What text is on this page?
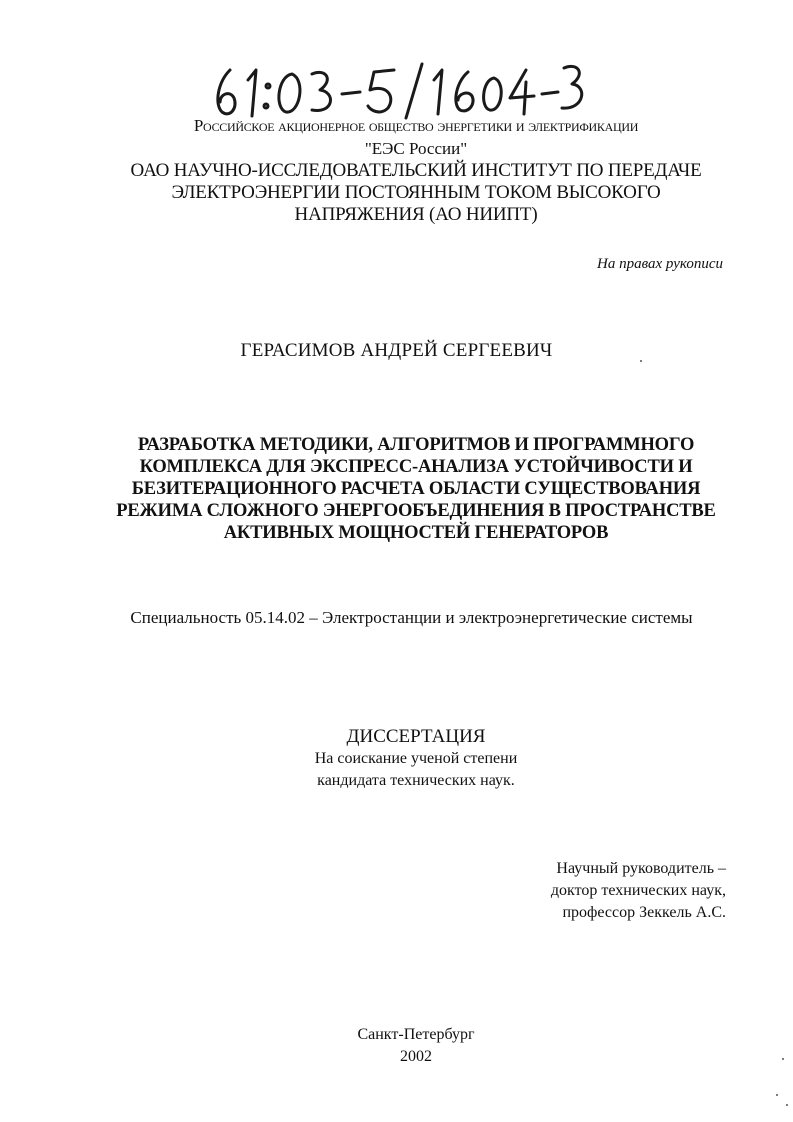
Российское акционерное общество энергетики и электрификации
"ЕЭС России"
ОАО НАУЧНО-ИССЛЕДОВАТЕЛЬСКИЙ ИНСТИТУТ ПО ПЕРЕДАЧЕ
ЭЛЕКТРОЭНЕРГИИ ПОСТОЯННЫМ ТОКОМ ВЫСОКОГО
НАПРЯЖЕНИЯ (АО НИИПТ)
На правах рукописи
ГЕРАСИМОВ АНДРЕЙ СЕРГЕЕВИЧ
РАЗРАБОТКА МЕТОДИКИ, АЛГОРИТМОВ И ПРОГРАММНОГО
КОМПЛЕКСА ДЛЯ ЭКСПРЕСС-АНАЛИЗА УСТОЙЧИВОСТИ И
БЕЗИТЕРАЦИОННОГО РАСЧЕТА ОБЛАСТИ СУЩЕСТВОВАНИЯ
РЕЖИМА СЛОЖНОГО ЭНЕРГООБЪЕДИНЕНИЯ В ПРОСТРАНСТВЕ
АКТИВНЫХ МОЩНОСТЕЙ ГЕНЕРАТОРОВ
Специальность 05.14.02 – Электростанции и электроэнергетические системы
ДИССЕРТАЦИЯ
На соискание ученой степени
кандидата технических наук.
Научный руководитель –
доктор технических наук,
профессор Зеккель А.С.
Санкт-Петербург
2002
